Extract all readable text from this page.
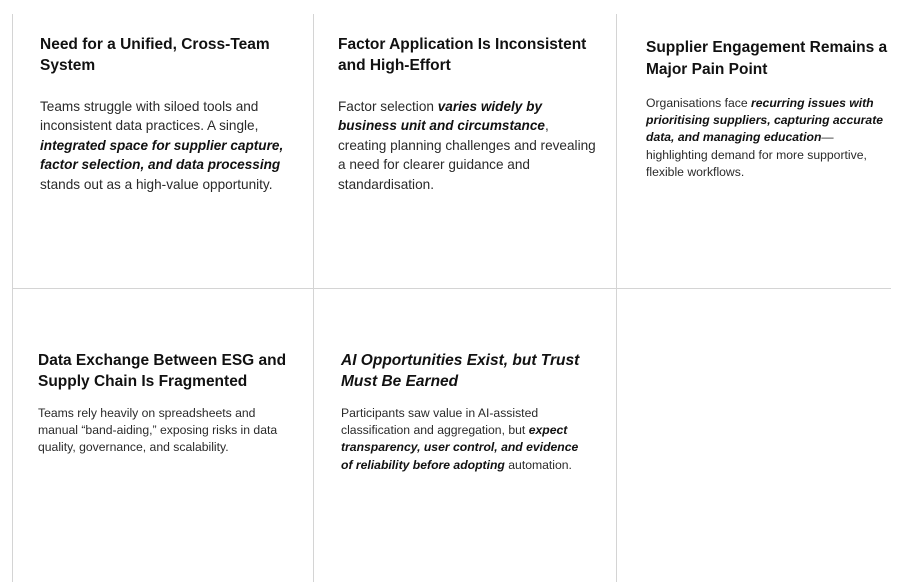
Need for a Unified, Cross-Team System

Teams struggle with siloed tools and inconsistent data practices. A single, integrated space for supplier capture, factor selection, and data processing stands out as a high-value opportunity.

Factor Application Is Inconsistent and High-Effort

Factor selection varies widely by business unit and circumstance, creating planning challenges and revealing a need for clearer guidance and standardisation.

Supplier Engagement Remains a Major Pain Point

Organisations face recurring issues with prioritising suppliers, capturing accurate data, and managing education—highlighting demand for more supportive, flexible workflows.

Data Exchange Between ESG and Supply Chain Is Fragmented

Teams rely heavily on spreadsheets and manual “band-aiding,” exposing risks in data quality, governance, and scalability.

AI Opportunities Exist, but Trust Must Be Earned

Participants saw value in AI-assisted classification and aggregation, but expect transparency, user control, and evidence of reliability before adopting automation.
